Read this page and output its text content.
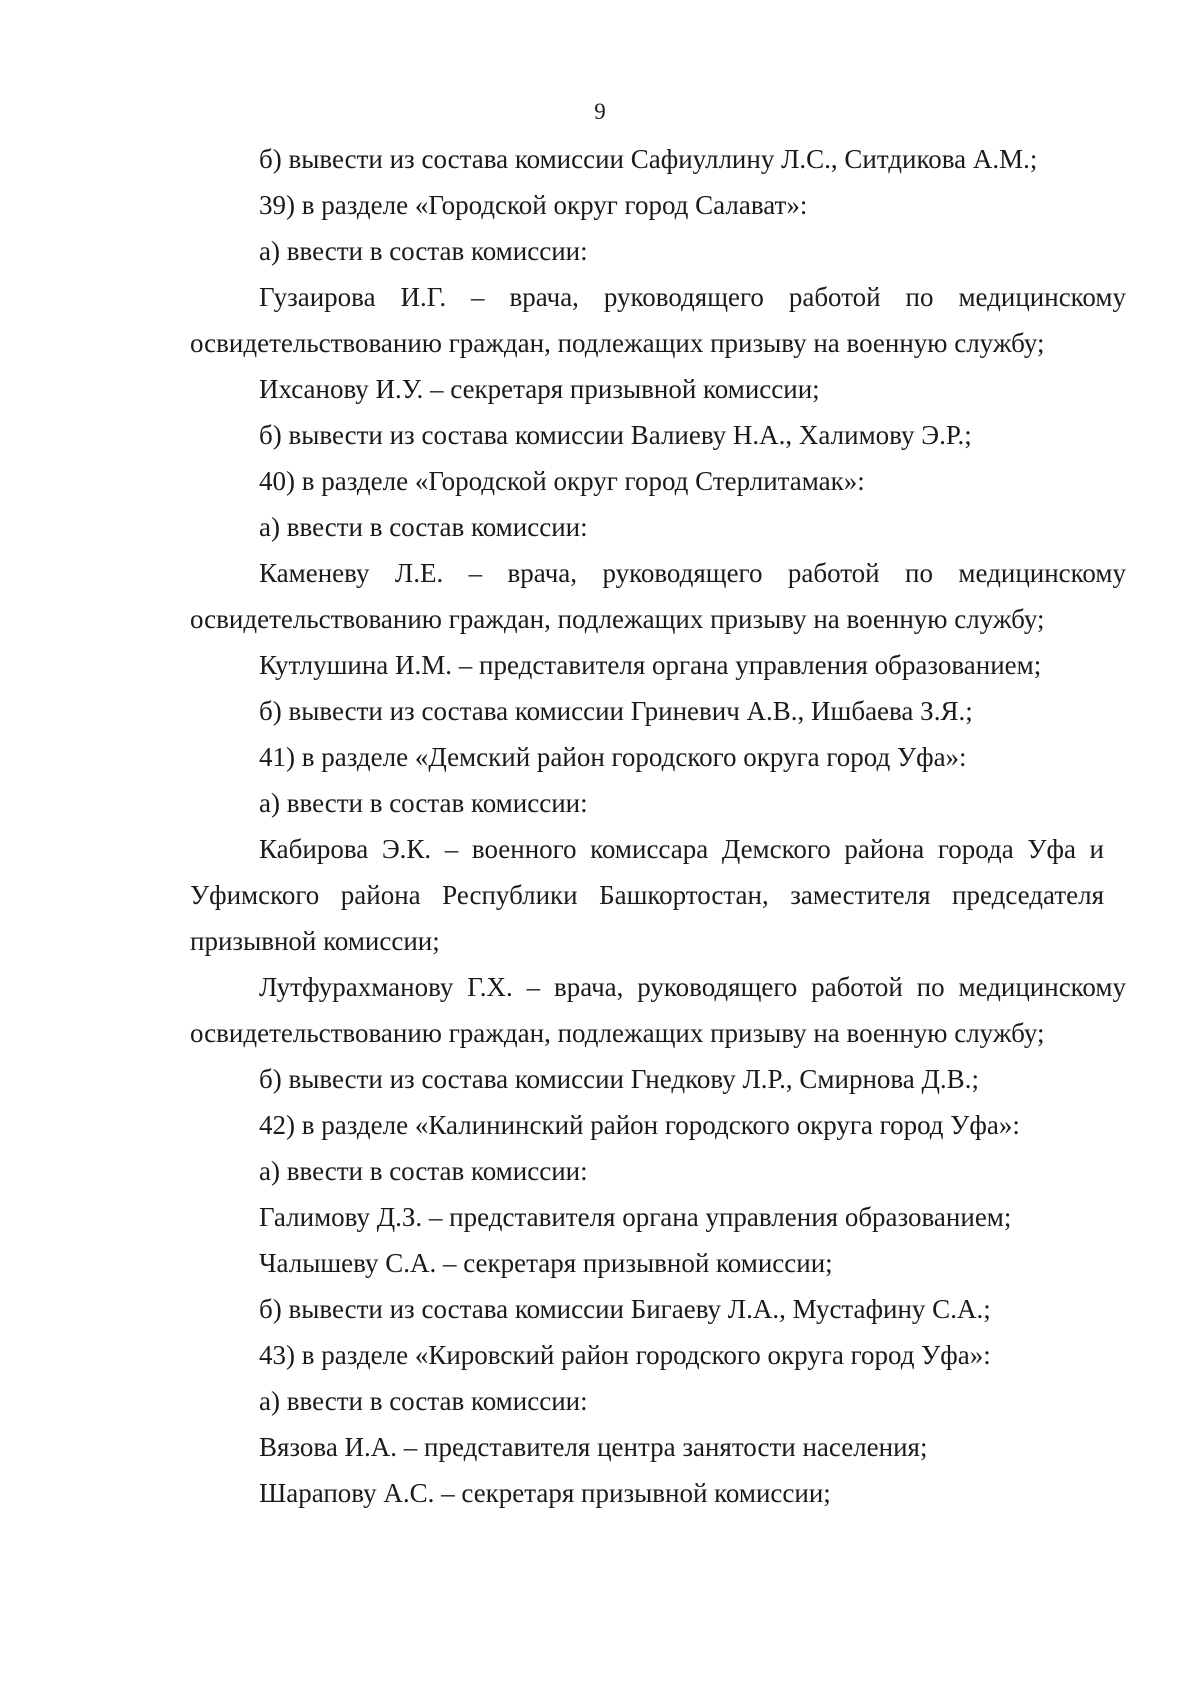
9

б) вывести из состава комиссии Сафиуллину Л.С., Ситдикова А.М.;

39) в разделе «Городской округ город Салават»:

а) ввести в состав комиссии:

Гузаирова И.Г. – врача, руководящего работой по медицинскому освидетельствованию граждан, подлежащих призыву на военную службу;

Ихсанову И.У. – секретаря призывной комиссии;

б) вывести из состава комиссии Валиеву Н.А., Халимову Э.Р.;

40) в разделе «Городской округ город Стерлитамак»:

а) ввести в состав комиссии:

Каменеву Л.Е. – врача, руководящего работой по медицинскому освидетельствованию граждан, подлежащих призыву на военную службу;

Кутлушина И.М. – представителя органа управления образованием;

б) вывести из состава комиссии Гриневич А.В., Ишбаева З.Я.;

41) в разделе «Демский район городского округа город Уфа»:

а) ввести в состав комиссии:

Кабирова Э.К. – военного комиссара Демского района города Уфа и Уфимского района Республики Башкортостан, заместителя председателя призывной комиссии;

Лутфурахманову Г.Х. – врача, руководящего работой по медицинскому освидетельствованию граждан, подлежащих призыву на военную службу;

б) вывести из состава комиссии Гнедкову Л.Р., Смирнова Д.В.;

42) в разделе «Калининский район городского округа город Уфа»:

а) ввести в состав комиссии:

Галимову Д.З. – представителя органа управления образованием;

Чалышеву С.А. – секретаря призывной комиссии;

б) вывести из состава комиссии Бигаеву Л.А., Мустафину С.А.;

43) в разделе «Кировский район городского округа город Уфа»:

а) ввести в состав комиссии:

Вязова И.А. – представителя центра занятости населения;

Шарапову А.С. – секретаря призывной комиссии;
